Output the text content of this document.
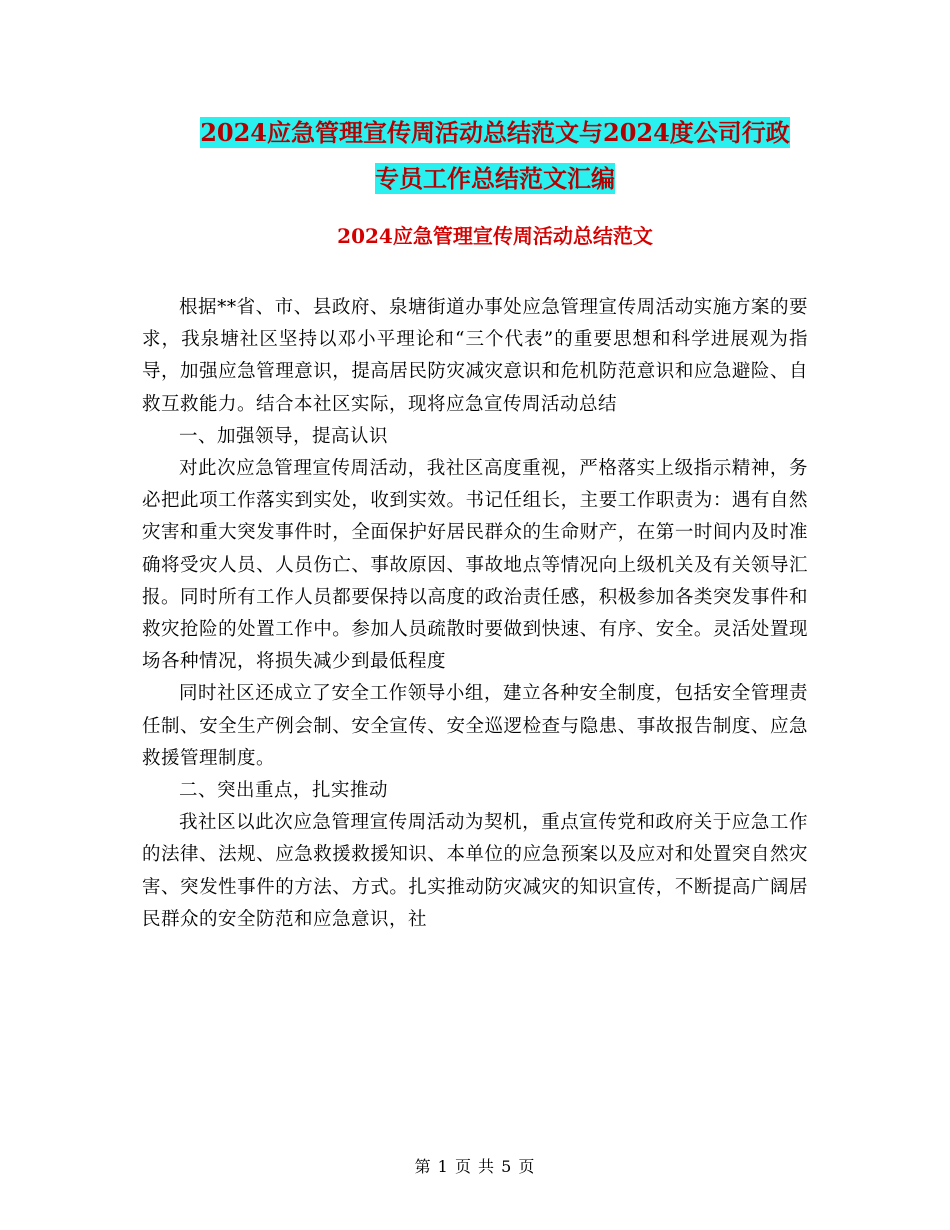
2024应急管理宣传周活动总结范文与2024度公司行政
专员工作总结范文汇编
2024应急管理宣传周活动总结范文

根据**省、市、县政府、泉塘街道办事处应急管理宣传周活动实施方案的要求，我泉塘社区坚持以邓小平理论和“三个代表”的重要思想和科学进展观为指导，加强应急管理意识，提高居民防灾减灾意识和危机防范意识和应急避险、自救互救能力。结合本社区实际，现将应急宣传周活动总结

一、加强领导，提高认识

对此次应急管理宣传周活动，我社区高度重视，严格落实上级指示精神，务必把此项工作落实到实处，收到实效。书记任组长，主要工作职责为：遇有自然灾害和重大突发事件时，全面保护好居民群众的生命财产，在第一时间内及时准确将受灾人员、人员伤亡、事故原因、事故地点等情况向上级机关及有关领导汇报。同时所有工作人员都要保持以高度的政治责任感，积极参加各类突发事件和救灾抢险的处置工作中。参加人员疏散时要做到快速、有序、安全。灵活处置现场各种情况，将损失减少到最低程度

同时社区还成立了安全工作领导小组，建立各种安全制度，包括安全管理责任制、安全生产例会制、安全宣传、安全巡逻检查与隐患、事故报告制度、应急救援管理制度。

二、突出重点，扎实推动

我社区以此次应急管理宣传周活动为契机，重点宣传党和政府关于应急工作的法律、法规、应急救援救援知识、本单位的应急预案以及应对和处置突自然灾害、突发性事件的方法、方式。扎实推动防灾减灾的知识宣传，不断提高广阔居民群众的安全防范和应急意识，社

第 1 页 共 5 页
